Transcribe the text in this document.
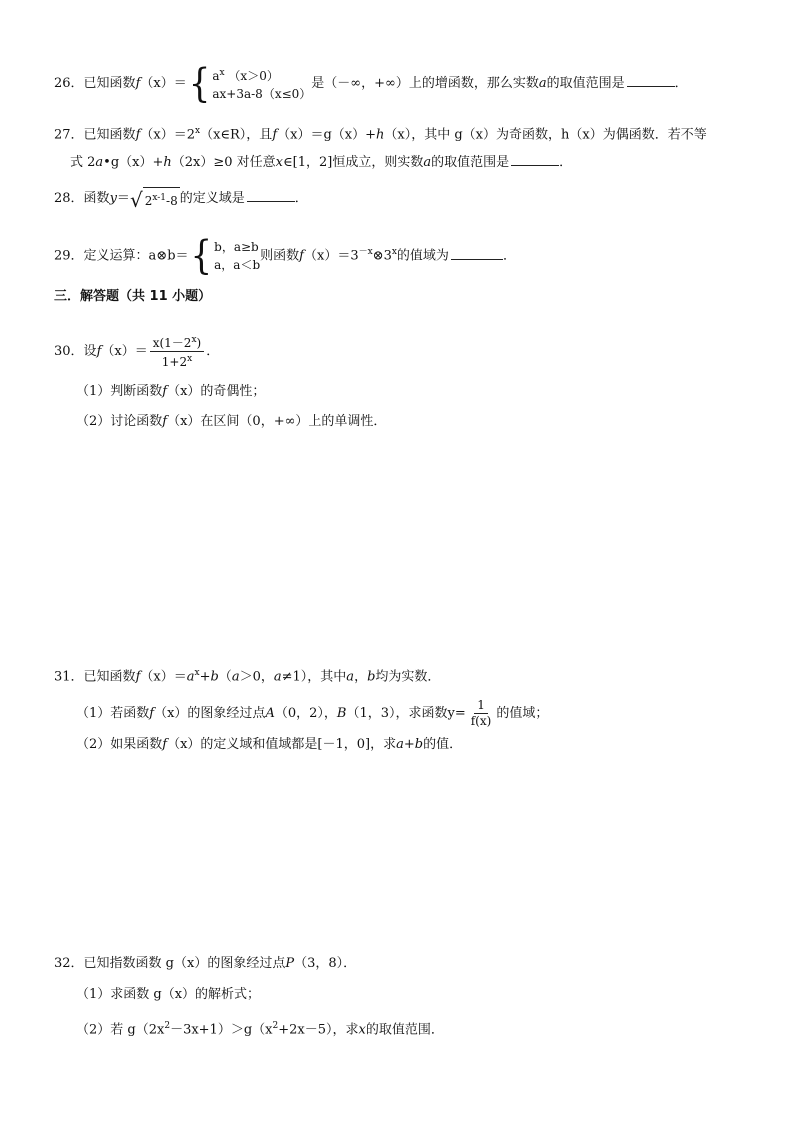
26．已知函数f（x）＝ { $a^x$ （x＞0）
ax+3a-8（x≤0）
是（－∞，+∞）上的增函数，那么实数a的取值范围是	．
27．已知函数$f(x)=2^x(x\in R)$，且f（x）＝g（x）+h（x），其中 g（x）为奇函数，h（x）为偶函数．若不等
式 2a•g（x）+h（2x）≥0 对任意x∈[1，2]恒成立，则实数a的取值范围是	．
28．函数y＝ √ 2$^{x-1}$-8 的定义域是	．
29．定义运算：a⊗b＝ { b，a≥b
a，a＜b
则函数$f(x)=3^{-x}\otimes 3^x$的值域为	．
三．解答题（共 11 小题）
30．设$f(x)= \frac{x(1-2^x)}{1+2^x}$ ．
（1）判断函数f（x）的奇偶性；
（2）讨论函数f（x）在区间（0，+∞）上的单调性．
31．已知函数$f(x)=a^x+b(a>0$，a≠1），其中a，b均为实数．
（1）若函数f（x）的图象经过点A（0，2），B（1，3），求函数$y= \frac{1}{f(x)}$ 的值域；
（2）如果函数f（x）的定义域和值域都是[－1，0]，求a+b的值．
32．已知指数函数 g（x）的图象经过点P（3，8）．
（1）求函数 g（x）的解析式；
（2）若 $g(2x^2-3x+1)>g(x^2+2x-5)$，求x的取值范围．
